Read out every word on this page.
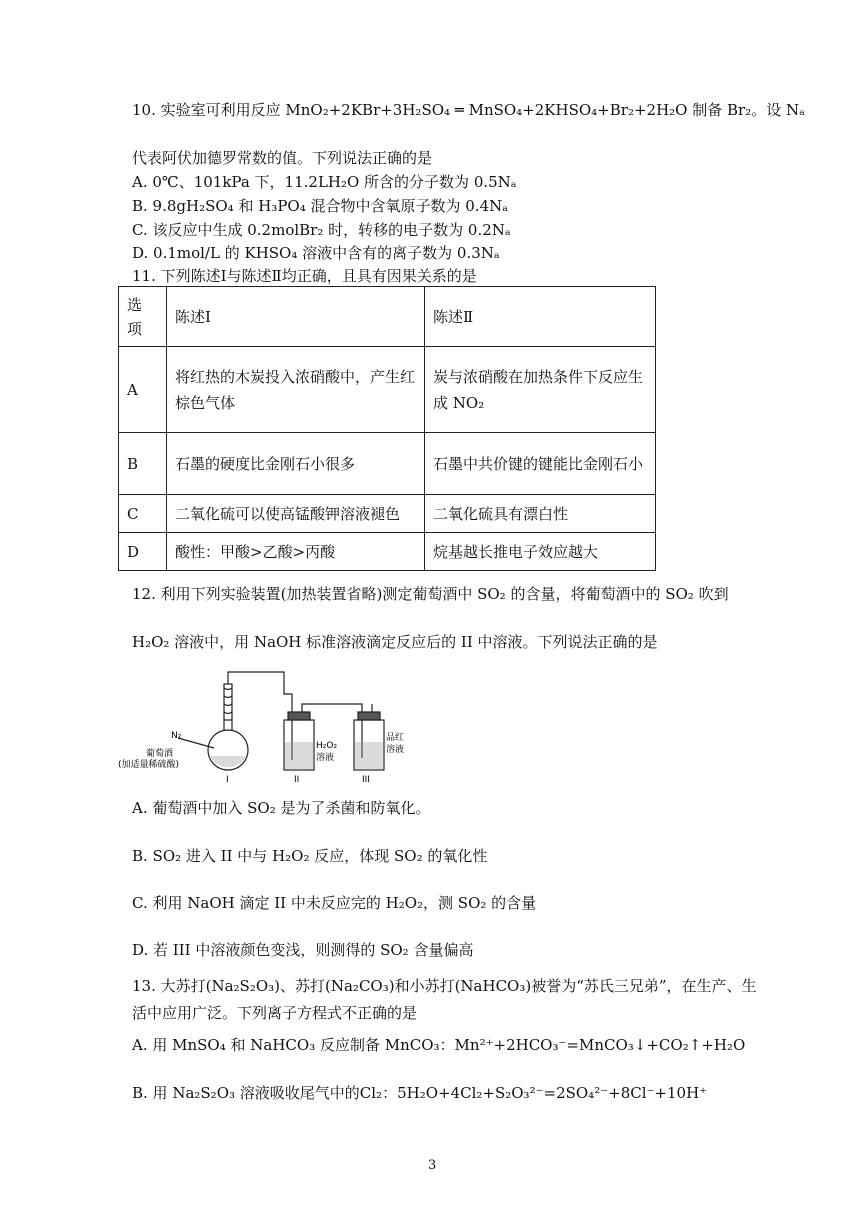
10. 实验室可利用反应 MnO₂+2KBr+3H₂SO₄ ═ MnSO₄+2KHSO₄+Br₂+2H₂O 制备 Br₂。设 Nₐ
代表阿伏加德罗常数的值。下列说法正确的是
A. 0℃、101kPa 下，11.2LH₂O 所含的分子数为 0.5Nₐ
B. 9.8gH₂SO₄ 和 H₃PO₄ 混合物中含氧原子数为 0.4Nₐ
C. 该反应中生成 0.2molBr₂ 时，转移的电子数为 0.2Nₐ
D. 0.1mol/L 的 KHSO₄ 溶液中含有的离子数为 0.3Nₐ
11. 下列陈述Ⅰ与陈述Ⅱ均正确，且具有因果关系的是
选项	陈述Ⅰ	陈述Ⅱ
A	将红热的木炭投入浓硝酸中，产生红棕色气体	炭与浓硝酸在加热条件下反应生成 NO₂
B	石墨的硬度比金刚石小很多	石墨中共价键的键能比金刚石小
C	二氧化硫可以使高锰酸钾溶液褪色	二氧化硫具有漂白性
D	酸性：甲酸>乙酸>丙酸	烷基越长推电子效应越大
12. 利用下列实验装置(加热装置省略)测定葡萄酒中 SO₂ 的含量，将葡萄酒中的 SO₂ 吹到
H₂O₂ 溶液中，用 NaOH 标准溶液滴定反应后的 II 中溶液。下列说法正确的是
N₂
葡萄酒
(加适量稀硫酸)
H₂O₂
溶液
品红
溶液
I	II	III
A. 葡萄酒中加入 SO₂ 是为了杀菌和防氧化。
B. SO₂ 进入 II 中与 H₂O₂ 反应，体现 SO₂ 的氧化性
C. 利用 NaOH 滴定 II 中未反应完的 H₂O₂，测 SO₂ 的含量
D. 若 III 中溶液颜色变浅，则测得的 SO₂ 含量偏高
13. 大苏打(Na₂S₂O₃)、苏打(Na₂CO₃)和小苏打(NaHCO₃)被誉为“苏氏三兄弟”，在生产、生
活中应用广泛。下列离子方程式不正确的是
A. 用 MnSO₄ 和 NaHCO₃ 反应制备 MnCO₃：Mn²⁺+2HCO₃⁻=MnCO₃↓+CO₂↑+H₂O
B. 用 Na₂S₂O₃ 溶液吸收尾气中的Cl₂：5H₂O+4Cl₂+S₂O₃²⁻=2SO₄²⁻+8Cl⁻+10H⁺
3
